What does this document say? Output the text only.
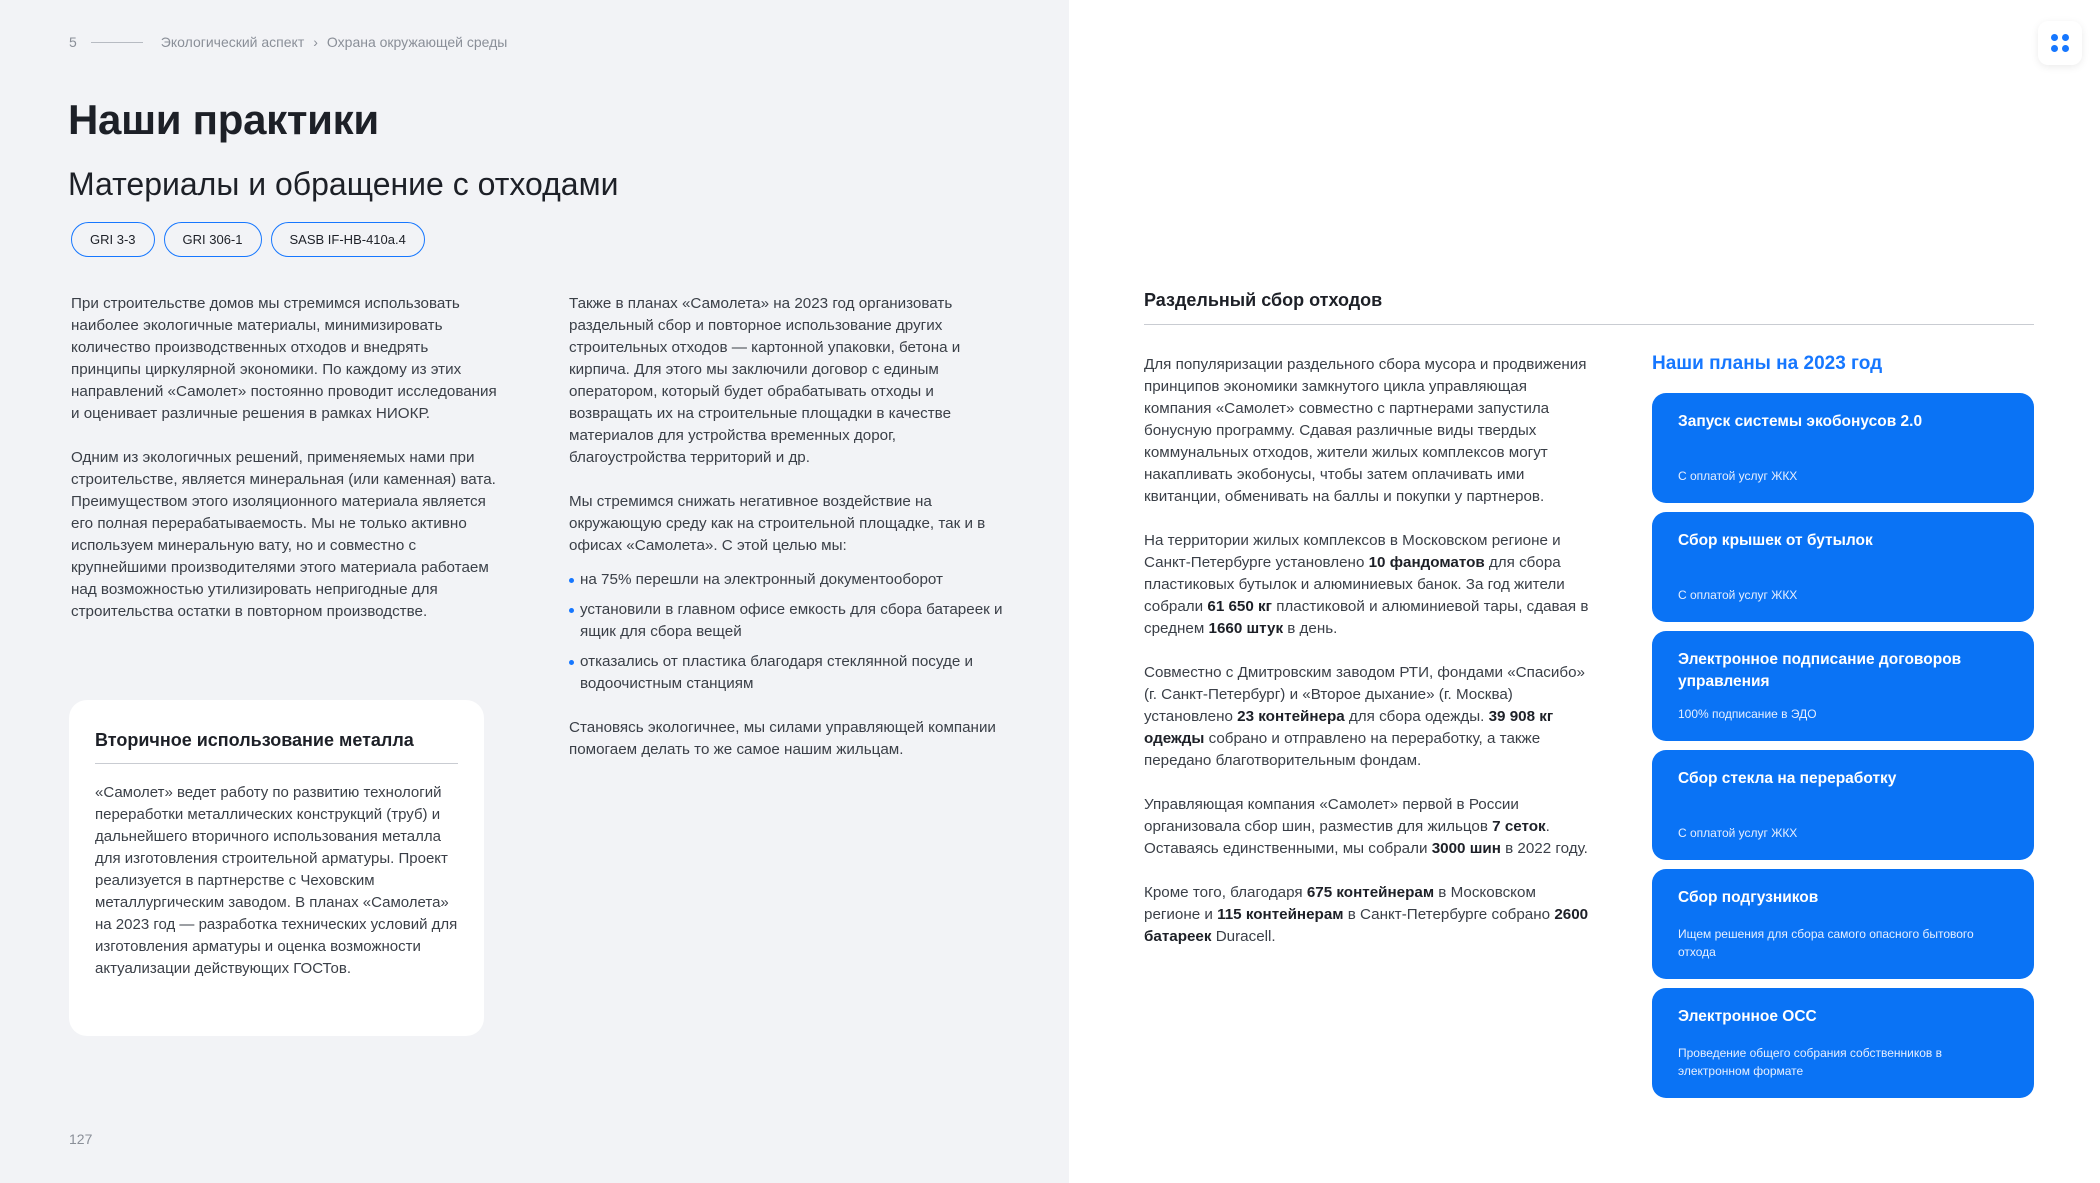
5	Экологический аспект › Охрана окружающей среды
Наши практики
Материалы и обращение с отходами
GRI 3-3	GRI 306-1	SASB IF-HB-410a.4

При строительстве домов мы стремимся использовать наиболее экологичные материалы, минимизировать количество производственных отходов и внедрять принципы циркулярной экономики. По каждому из этих направлений «Самолет» постоянно проводит исследования и оценивает различные решения в рамках НИОКР.

Одним из экологичных решений, применяемых нами при строительстве, является минеральная (или каменная) вата. Преимуществом этого изоляционного материала является его полная перерабатываемость. Мы не только активно используем минеральную вату, но и совместно с крупнейшими производителями этого материала работаем над возможностью утилизировать непригодные для строительства остатки в повторном производстве.

Вторичное использование металла
«Самолет» ведет работу по развитию технологий переработки металлических конструкций (труб) и дальнейшего вторичного использования металла для изготовления строительной арматуры. Проект реализуется в партнерстве с Чеховским металлургическим заводом. В планах «Самолета» на 2023 год — разработка технических условий для изготовления арматуры и оценка возможности актуализации действующих ГОСТов.

Также в планах «Самолета» на 2023 год организовать раздельный сбор и повторное использование других строительных отходов — картонной упаковки, бетона и кирпича. Для этого мы заключили договор с единым оператором, который будет обрабатывать отходы и возвращать их на строительные площадки в качестве материалов для устройства временных дорог, благоустройства территорий и др.

Мы стремимся снижать негативное воздействие на окружающую среду как на строительной площадке, так и в офисах «Самолета». С этой целью мы:

на 75% перешли на электронный документооборот
установили в главном офисе емкость для сбора батареек и ящик для сбора вещей
отказались от пластика благодаря стеклянной посуде и водоочистным станциям

Становясь экологичнее, мы силами управляющей компании помогаем делать то же самое нашим жильцам.

127
Раздельный сбор отходов

Для популяризации раздельного сбора мусора и продвижения принципов экономики замкнутого цикла управляющая компания «Самолет» совместно с партнерами запустила бонусную программу. Сдавая различные виды твердых коммунальных отходов, жители жилых комплексов могут накапливать экобонусы, чтобы затем оплачивать ими квитанции, обменивать на баллы и покупки у партнеров.

На территории жилых комплексов в Московском регионе и Санкт-Петербурге установлено 10 фандоматов для сбора пластиковых бутылок и алюминиевых банок. За год жители собрали 61 650 кг пластиковой и алюминиевой тары, сдавая в среднем 1660 штук в день.

Совместно с Дмитровским заводом РТИ, фондами «Спасибо» (г. Санкт-Петербург) и «Второе дыхание» (г. Москва) установлено 23 контейнера для сбора одежды. 39 908 кг одежды собрано и отправлено на переработку, а также передано благотворительным фондам.

Управляющая компания «Самолет» первой в России организовала сбор шин, разместив для жильцов 7 сеток. Оставаясь единственными, мы собрали 3000 шин в 2022 году.

Кроме того, благодаря 675 контейнерам в Московском регионе и 115 контейнерам в Санкт-Петербурге собрано 2600 батареек Duracell.

Наши планы на 2023 год
Запуск системы экобонусов 2.0
С оплатой услуг ЖКХ
Сбор крышек от бутылок
С оплатой услуг ЖКХ
Электронное подписание договоров управления
100% подписание в ЭДО
Сбор стекла на переработку
С оплатой услуг ЖКХ
Сбор подгузников
Ищем решения для сбора самого опасного бытового отхода
Электронное ОСС
Проведение общего собрания собственников в электронном формате
